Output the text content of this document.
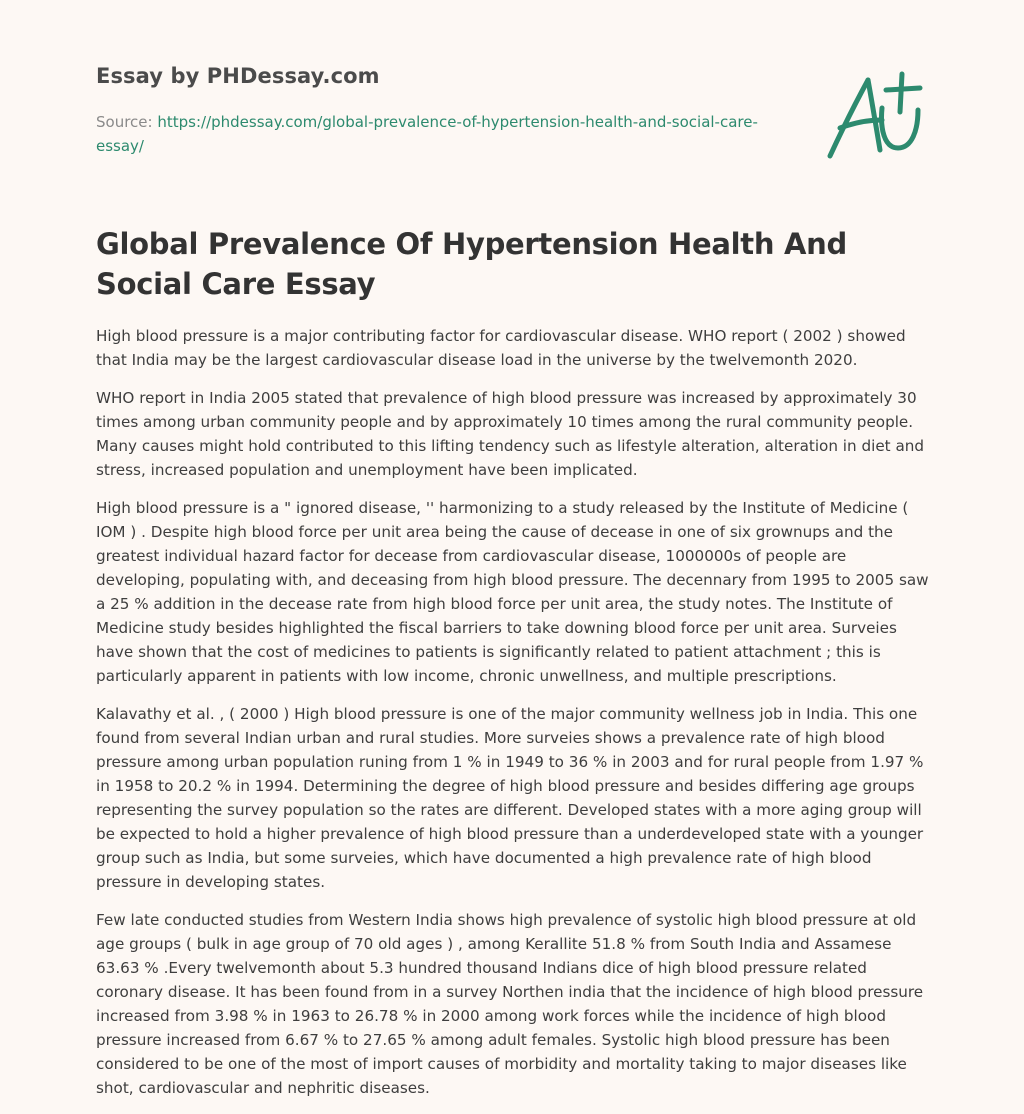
Essay by PHDessay.com

Source: https://phdessay.com/global-prevalence-of-hypertension-health-and-social-care-essay/

Global Prevalence Of Hypertension Health And Social Care Essay

High blood pressure is a major contributing factor for cardiovascular disease. WHO report ( 2002 ) showed that India may be the largest cardiovascular disease load in the universe by the twelvemonth 2020.

WHO report in India 2005 stated that prevalence of high blood pressure was increased by approximately 30 times among urban community people and by approximately 10 times among the rural community people. Many causes might hold contributed to this lifting tendency such as lifestyle alteration, alteration in diet and stress, increased population and unemployment have been implicated.

High blood pressure is a " ignored disease, '' harmonizing to a study released by the Institute of Medicine ( IOM ) . Despite high blood force per unit area being the cause of decease in one of six grownups and the greatest individual hazard factor for decease from cardiovascular disease, 1000000s of people are developing, populating with, and deceasing from high blood pressure. The decennary from 1995 to 2005 saw a 25 % addition in the decease rate from high blood force per unit area, the study notes. The Institute of Medicine study besides highlighted the fiscal barriers to take downing blood force per unit area. Surveies have shown that the cost of medicines to patients is significantly related to patient attachment ; this is particularly apparent in patients with low income, chronic unwellness, and multiple prescriptions.

Kalavathy et al. , ( 2000 ) High blood pressure is one of the major community wellness job in India. This one found from several Indian urban and rural studies. More surveies shows a prevalence rate of high blood pressure among urban population runing from 1 % in 1949 to 36 % in 2003 and for rural people from 1.97 % in 1958 to 20.2 % in 1994. Determining the degree of high blood pressure and besides differing age groups representing the survey population so the rates are different. Developed states with a more aging group will be expected to hold a higher prevalence of high blood pressure than a underdeveloped state with a younger group such as India, but some surveies, which have documented a high prevalence rate of high blood pressure in developing states.

Few late conducted studies from Western India shows high prevalence of systolic high blood pressure at old age groups ( bulk in age group of 70 old ages ) , among Kerallite 51.8 % from South India and Assamese 63.63 % .Every twelvemonth about 5.3 hundred thousand Indians dice of high blood pressure related coronary disease. It has been found from in a survey Northen india that the incidence of high blood pressure increased from 3.98 % in 1963 to 26.78 % in 2000 among work forces while the incidence of high blood pressure increased from 6.67 % to 27.65 % among adult females. Systolic high blood pressure has been considered to be one of the most of import causes of morbidity and mortality taking to major diseases like shot, cardiovascular and nephritic diseases.
